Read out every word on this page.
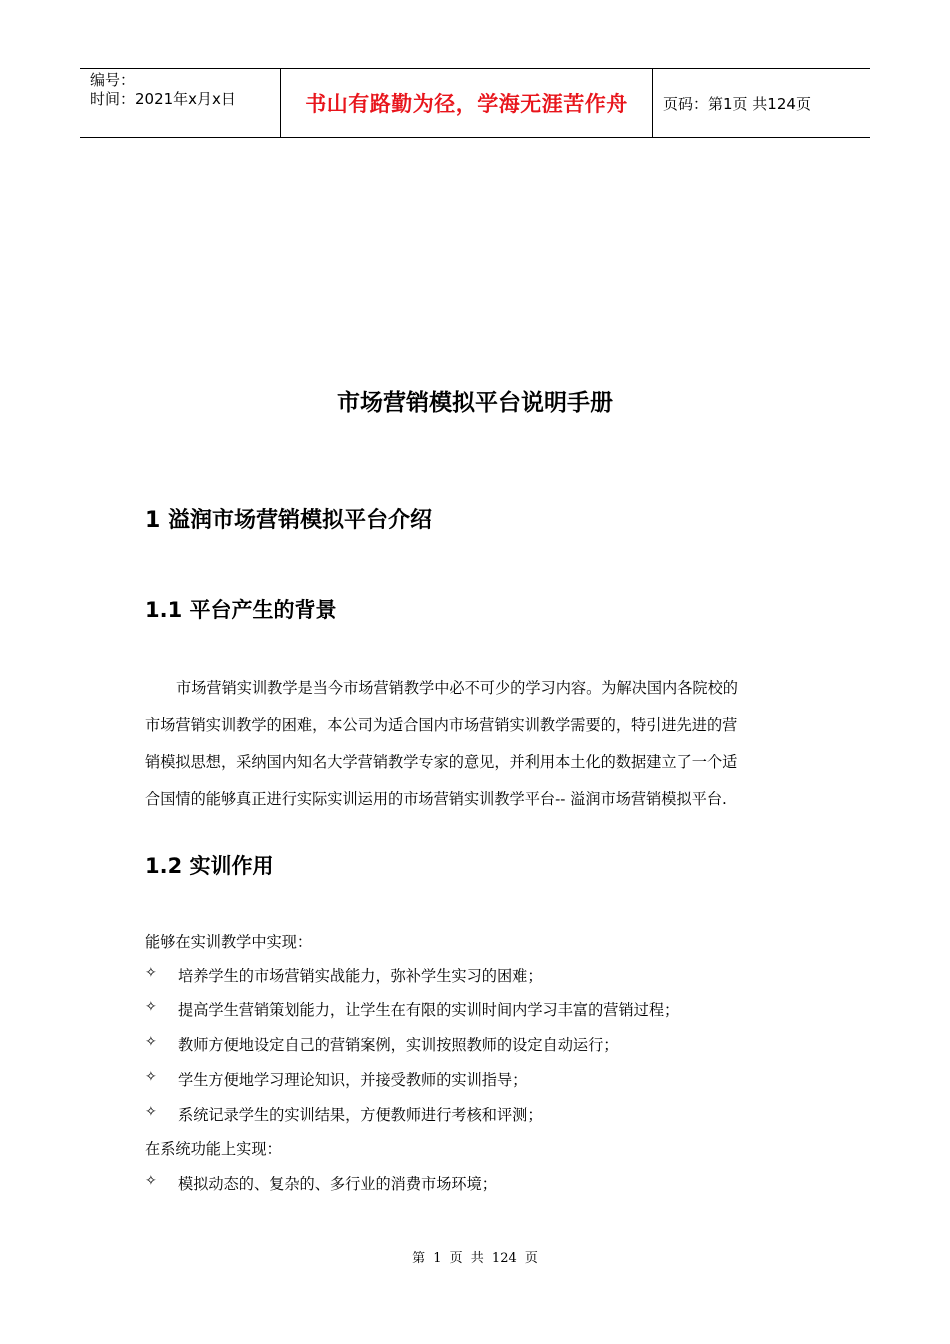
编号：
时间：2021年x月x日	书山有路勤为径，学海无涯苦作舟	页码：第1页 共124页
市场营销模拟平台说明手册
1 溢润市场营销模拟平台介绍
1.1 平台产生的背景
市场营销实训教学是当今市场营销教学中必不可少的学习内容。为解决国内各院校的
市场营销实训教学的困难，本公司为适合国内市场营销实训教学需要的，特引进先进的营
销模拟思想，采纳国内知名大学营销教学专家的意见，并利用本土化的数据建立了一个适
合国情的能够真正进行实际实训运用的市场营销实训教学平台-- 溢润市场营销模拟平台.
1.2 实训作用
能够在实训教学中实现：
✧	培养学生的市场营销实战能力，弥补学生实习的困难；
✧	提高学生营销策划能力，让学生在有限的实训时间内学习丰富的营销过程；
✧	教师方便地设定自己的营销案例，实训按照教师的设定自动运行；
✧	学生方便地学习理论知识，并接受教师的实训指导；
✧	系统记录学生的实训结果，方便教师进行考核和评测；
在系统功能上实现：
✧	模拟动态的、复杂的、多行业的消费市场环境；
第 1 页 共 124 页
